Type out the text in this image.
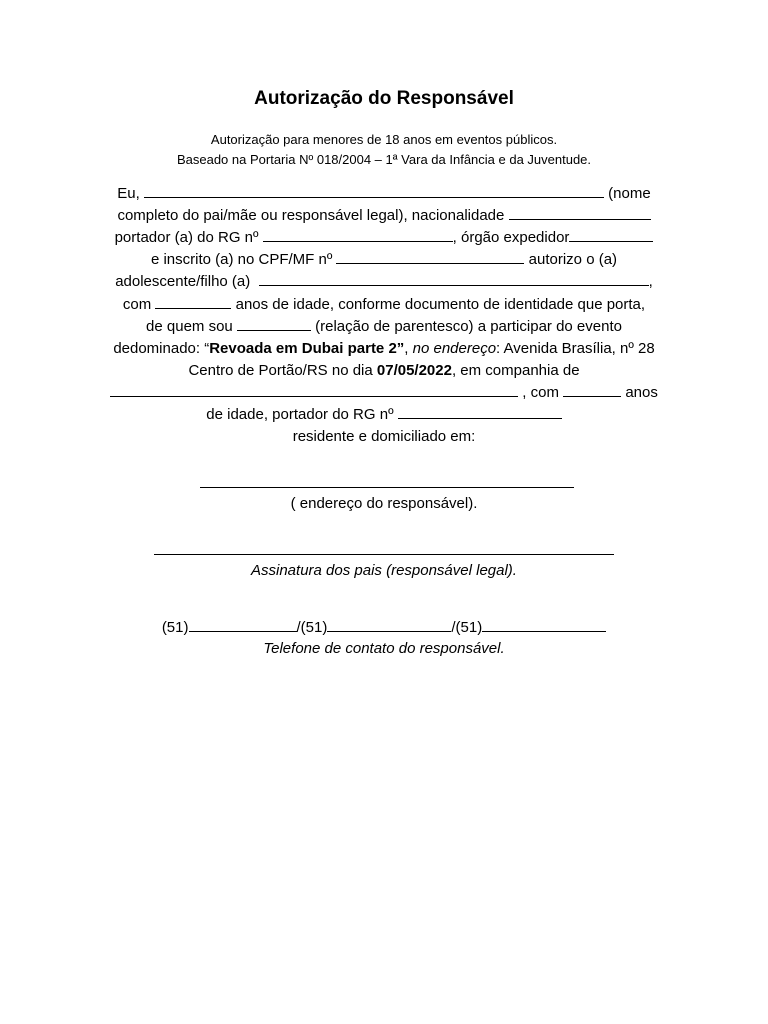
Autorização do Responsável
Autorização para menores de 18 anos em eventos públicos.
Baseado na Portaria Nº 018/2004 – 1ª Vara da Infância e da Juventude.
Eu,	(nome
completo do pai/mãe ou responsável legal), nacionalidade
portador (a) do RG nº	, órgão expedidor
e inscrito (a) no CPF/MF nº	autorizo o (a)
adolescente/filho (a)	,
com	anos de idade, conforme documento de identidade que porta,
de quem sou	(relação de parentesco) a participar do evento
dedominado: “Revoada em Dubai parte 2”, no endereço: Avenida Brasília, nº 28
Centro de Portão/RS no dia 07/05/2022, em companhia de
, com	anos
de idade, portador do RG nº
residente e domiciliado em:
( endereço do responsável).
Assinatura dos pais (responsável legal).
(51)	/(51)	/(51)
Telefone de contato do responsável.
